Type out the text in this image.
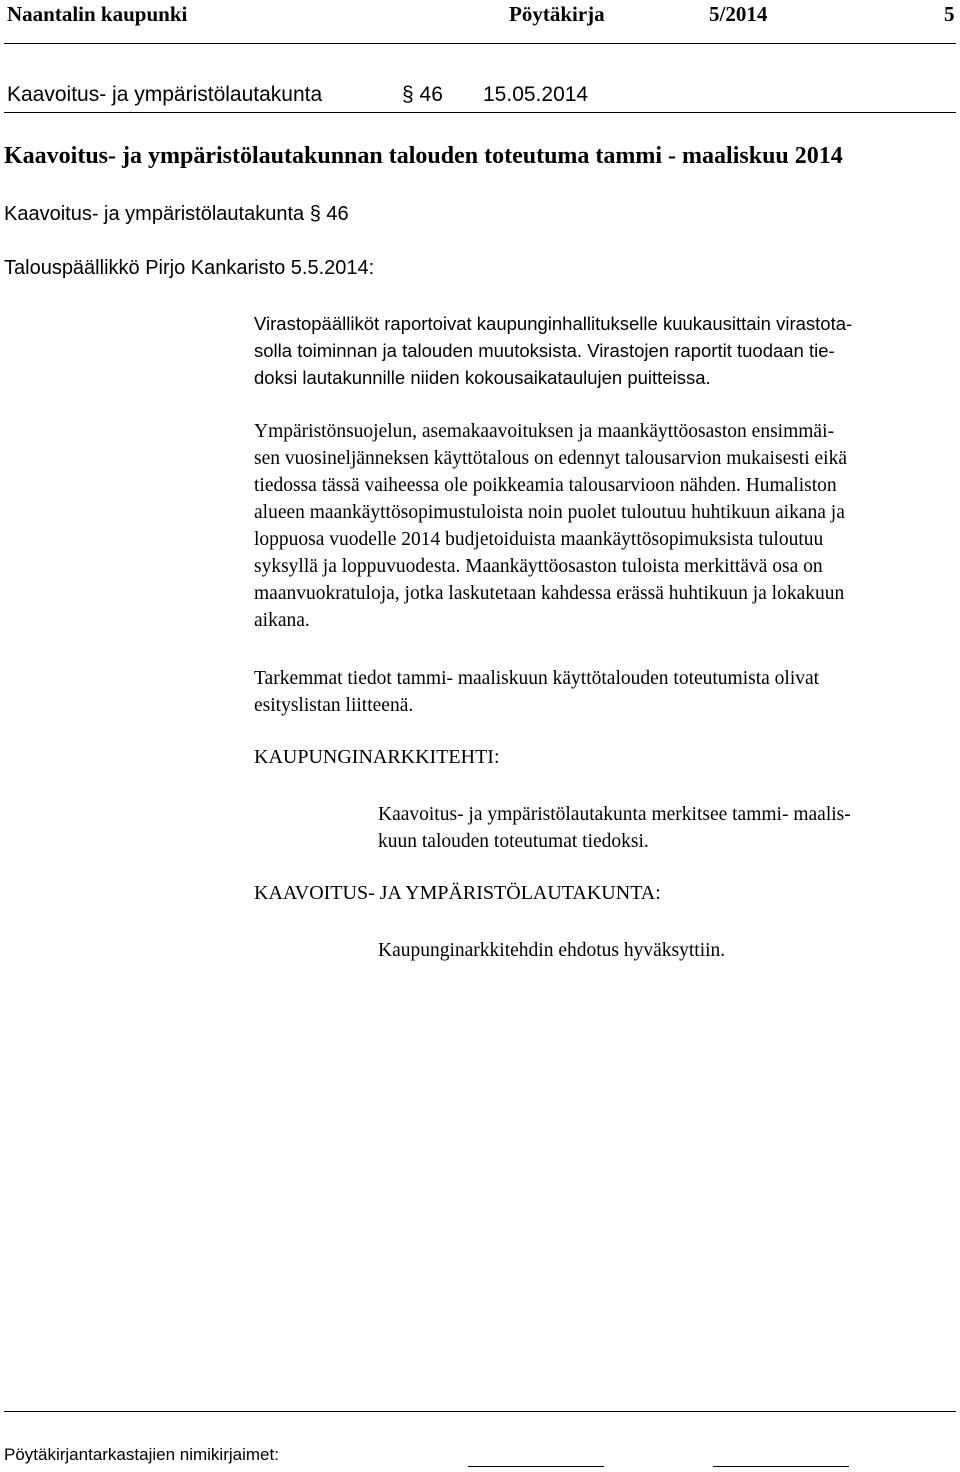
Naantalin kaupunki	Pöytäkirja	5/2014	5
Kaavoitus- ja ympäristölautakunta	§ 46 15.05.2014
Kaavoitus- ja ympäristölautakunnan talouden toteutuma tammi - maaliskuu 2014
Kaavoitus- ja ympäristölautakunta § 46
Talouspäällikkö Pirjo Kankaristo 5.5.2014:
Virastopäälliköt raportoivat kaupunginhallitukselle kuukausittain virastota-
solla toiminnan ja talouden muutoksista. Virastojen raportit tuodaan tie-
doksi lautakunnille niiden kokousaikataulujen puitteissa.
Ympäristönsuojelun, asemakaavoituksen ja maankäyttöosaston ensimmäi-
sen vuosineljänneksen käyttötalous on edennyt talousarvion mukaisesti eikä
tiedossa tässä vaiheessa ole poikkeamia talousarvioon nähden. Humaliston
alueen maankäyttösopimustuloista noin puolet tuloutuu huhtikuun aikana ja
loppuosa vuodelle 2014 budjetoiduista maankäyttösopimuksista tuloutuu
syksyllä ja loppuvuodesta. Maankäyttöosaston tuloista merkittävä osa on
maanvuokratuloja, jotka laskutetaan kahdessa erässä huhtikuun ja lokakuun
aikana.
Tarkemmat tiedot tammi- maaliskuun käyttötalouden toteutumista olivat
esityslistan liitteenä.
KAUPUNGINARKKITEHTI:
Kaavoitus- ja ympäristölautakunta merkitsee tammi- maalis-
kuun talouden toteutumat tiedoksi.
KAAVOITUS- JA YMPÄRISTÖLAUTAKUNTA:
Kaupunginarkkitehdin ehdotus hyväksyttiin.
Pöytäkirjantarkastajien nimikirjaimet:
